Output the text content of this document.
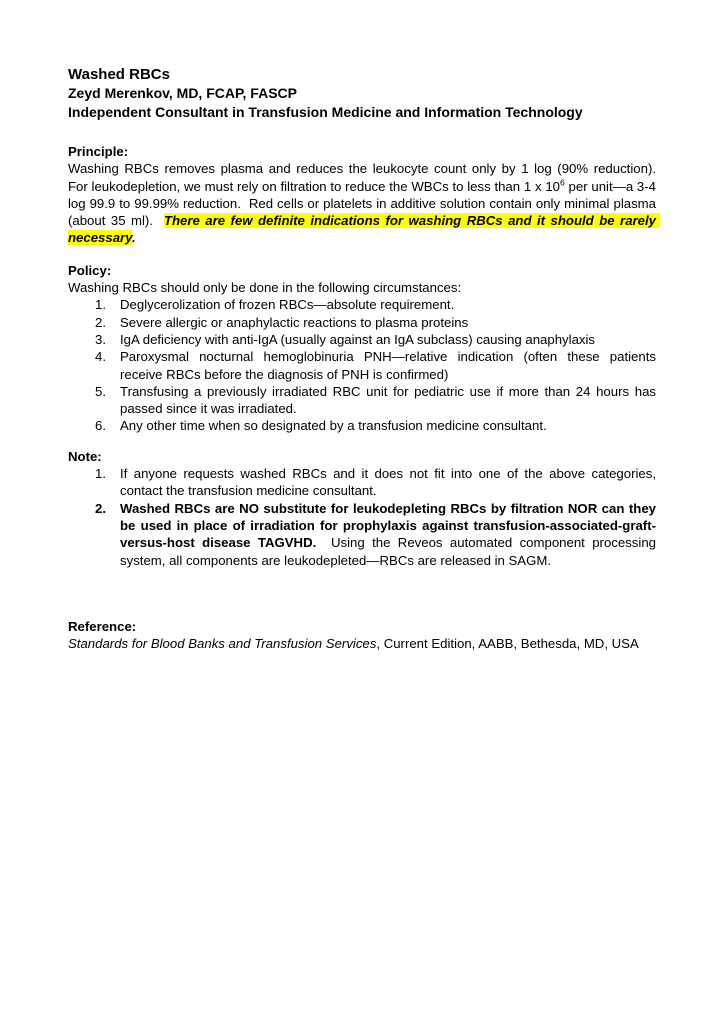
Washed RBCs
Zeyd Merenkov, MD, FCAP, FASCP
Independent Consultant in Transfusion Medicine and Information Technology
Principle:

Washing RBCs removes plasma and reduces the leukocyte count only by 1 log (90% reduction).  For leukodepletion, we must rely on filtration to reduce the WBCs to less than 1 x $10^6$ per unit—a 3-4 log 99.9 to 99.99% reduction.  Red cells or platelets in additive solution contain only minimal plasma (about 35 ml).  There are few definite indications for washing RBCs and it should be rarely necessary.

Policy:

Washing RBCs should only be done in the following circumstances:

1.	Deglycerolization of frozen RBCs—absolute requirement.
2.	Severe allergic or anaphylactic reactions to plasma proteins
3.	IgA deficiency with anti-IgA (usually against an IgA subclass) causing anaphylaxis
4.	Paroxysmal nocturnal hemoglobinuria PNH—relative indication (often these patients receive RBCs before the diagnosis of PNH is confirmed)
5.	Transfusing a previously irradiated RBC unit for pediatric use if more than 24 hours has passed since it was irradiated.
6.	Any other time when so designated by a transfusion medicine consultant.
Note:
1.	If anyone requests washed RBCs and it does not fit into one of the above categories, contact the transfusion medicine consultant.
2.	Washed RBCs are NO substitute for leukodepleting RBCs by filtration NOR can they be used in place of irradiation for prophylaxis against transfusion-associated-graft-versus-host disease TAGVHD.  Using the Reveos automated component processing system, all components are leukodepleted—RBCs are released in SAGM.
Reference:

Standards for Blood Banks and Transfusion Services, Current Edition, AABB, Bethesda, MD, USA
